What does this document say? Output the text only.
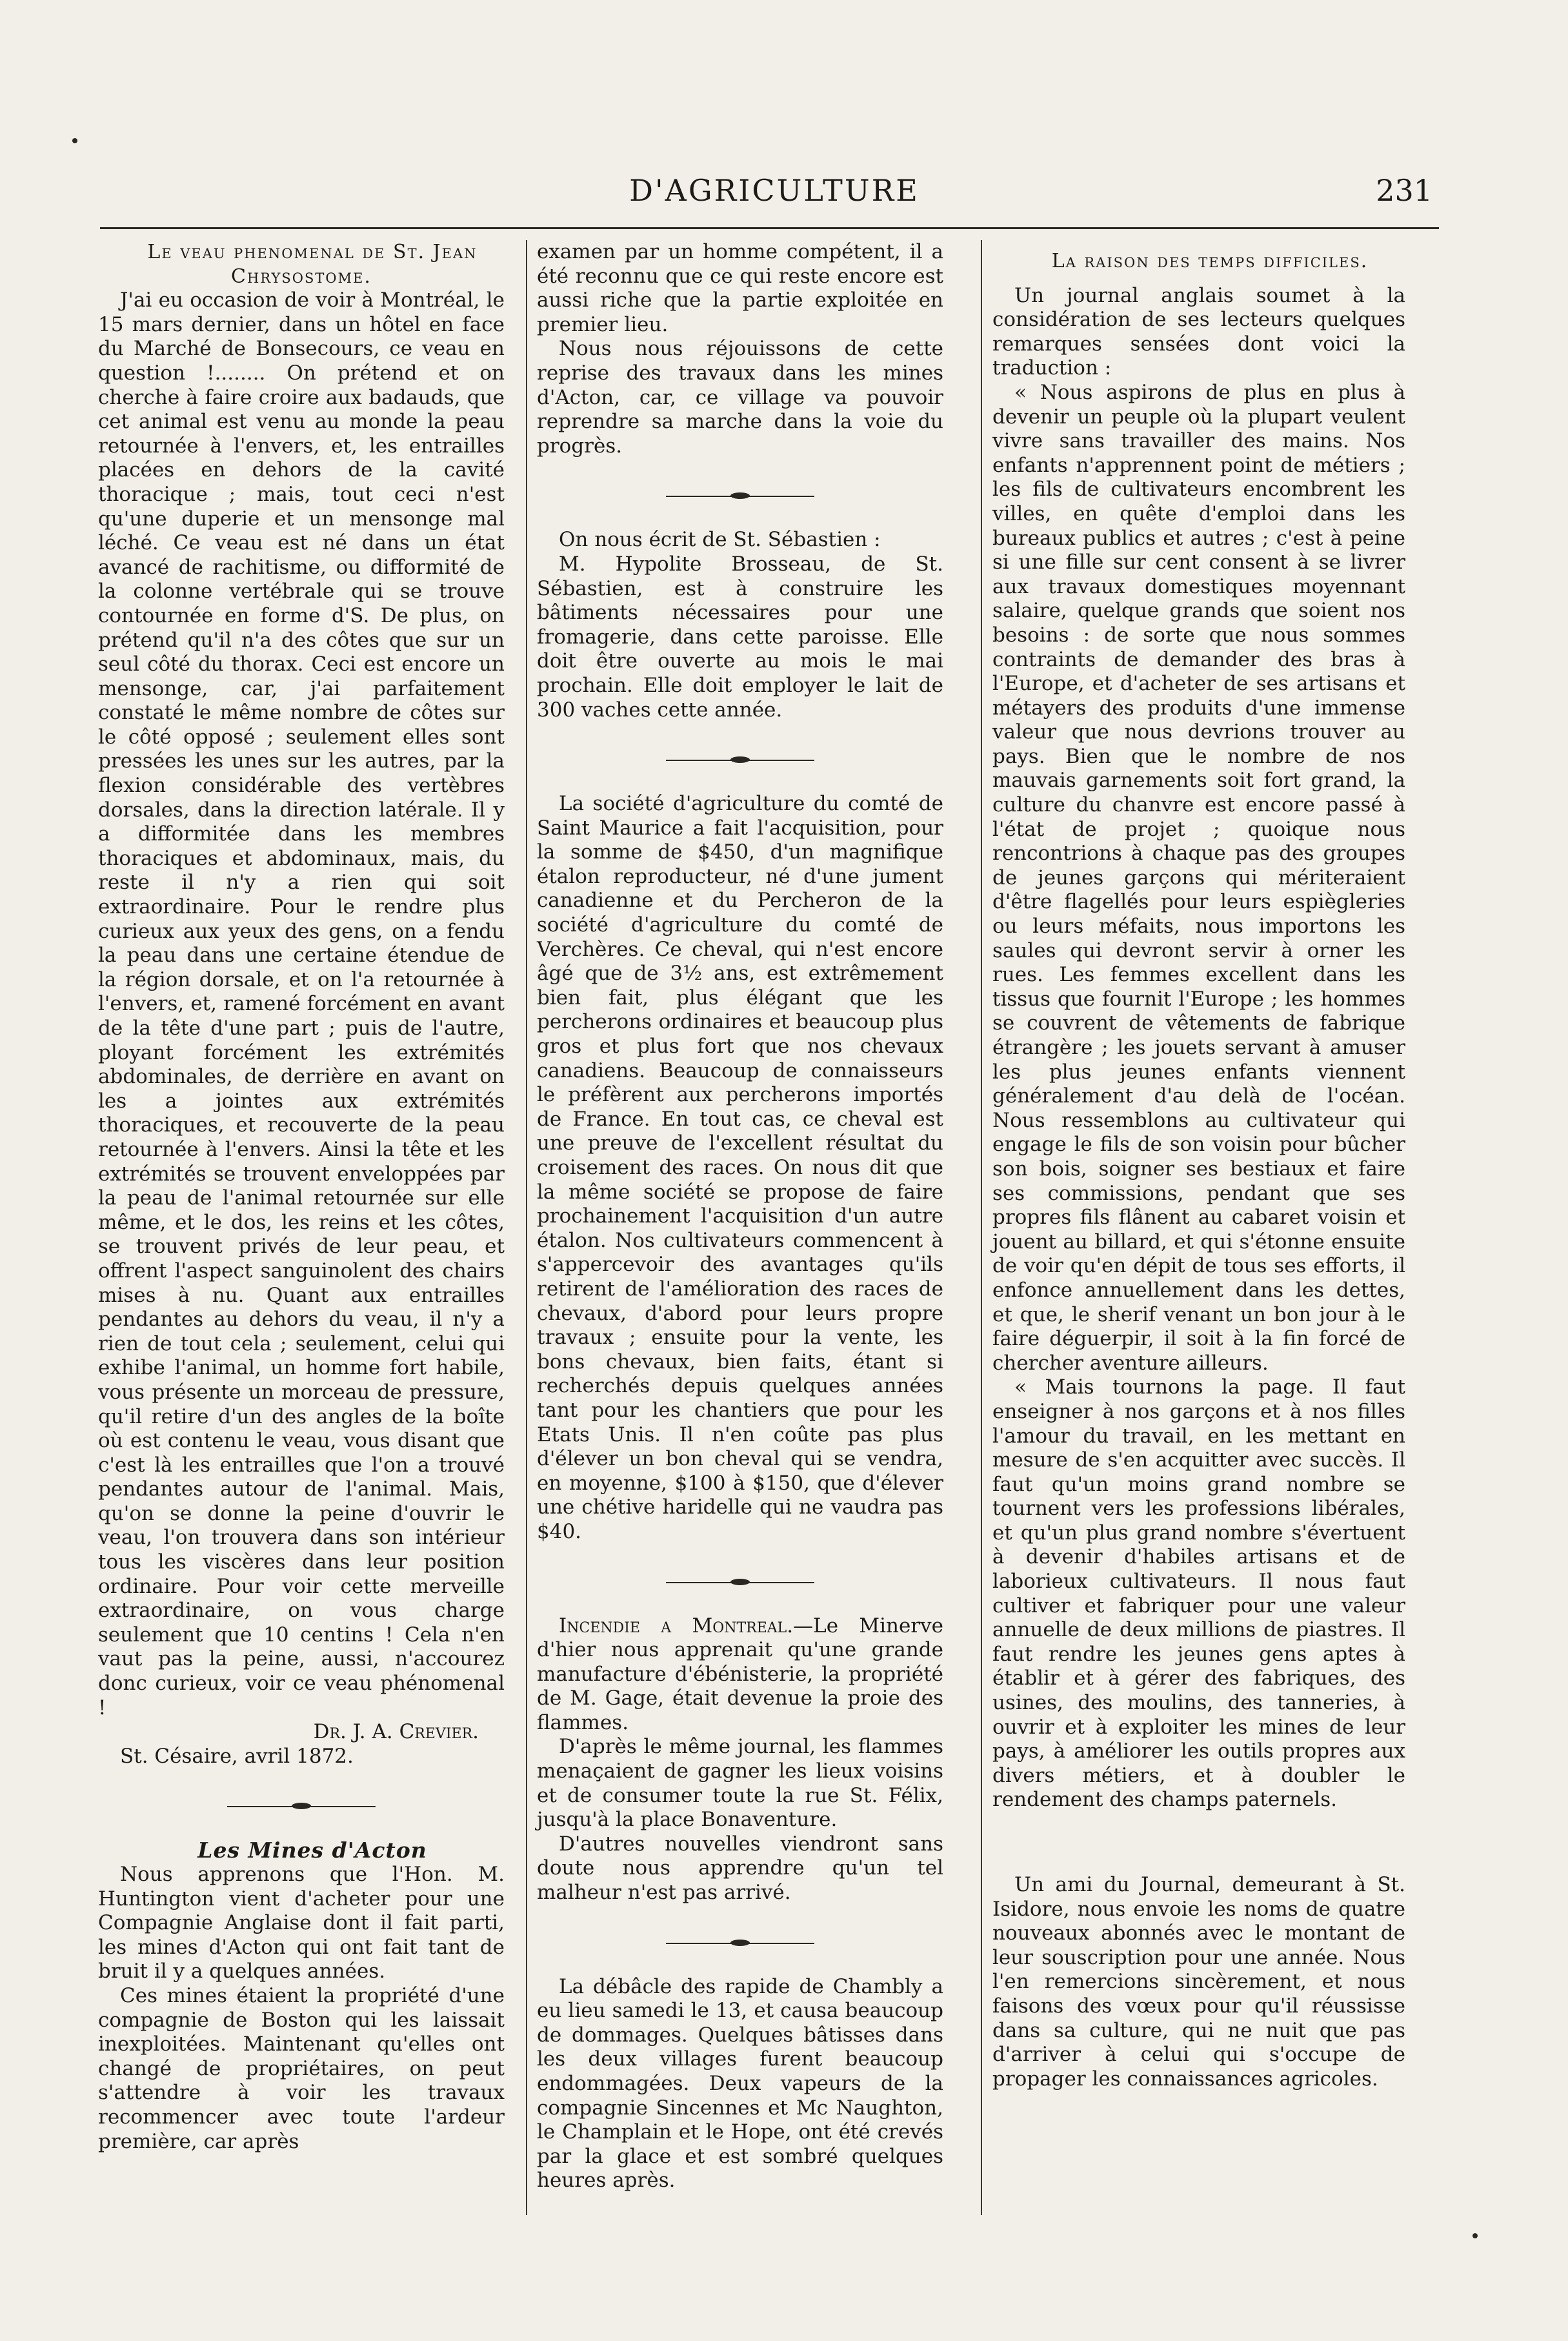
D'AGRICULTURE	231

Le veau phenomenal de St. Jean Chrysostome.

J'ai eu occasion de voir à Montréal, le 15 mars dernier, dans un hôtel en face du Marché de Bonsecours, ce veau en question !........ On prétend et on cherche à faire croire aux badauds, que cet animal est venu au monde la peau retournée à l'envers, et, les entrailles placées en dehors de la cavité thoracique ; mais, tout ceci n'est qu'une duperie et un mensonge mal léché. Ce veau est né dans un état avancé de rachitisme, ou difformité de la colonne vertébrale qui se trouve contournée en forme d'S. De plus, on prétend qu'il n'a des côtes que sur un seul côté du thorax. Ceci est encore un mensonge, car, j'ai parfaitement constaté le même nombre de côtes sur le côté opposé ; seulement elles sont pressées les unes sur les autres, par la flexion considérable des vertèbres dorsales, dans la direction latérale. Il y a difformitée dans les membres thoraciques et abdominaux, mais, du reste il n'y a rien qui soit extraordinaire. Pour le rendre plus curieux aux yeux des gens, on a fendu la peau dans une certaine étendue de la région dorsale, et on l'a retournée à l'envers, et, ramené forcément en avant de la tête d'une part ; puis de l'autre, ployant forcément les extrémités abdominales, de derrière en avant on les a jointes aux extrémités thoraciques, et recouverte de la peau retournée à l'envers. Ainsi la tête et les extrémités se trouvent enveloppées par la peau de l'animal retournée sur elle même, et le dos, les reins et les côtes, se trouvent privés de leur peau, et offrent l'aspect sanguinolent des chairs mises à nu. Quant aux entrailles pendantes au dehors du veau, il n'y a rien de tout cela ; seulement, celui qui exhibe l'animal, un homme fort habile, vous présente un morceau de pressure, qu'il retire d'un des angles de la boîte où est contenu le veau, vous disant que c'est là les entrailles que l'on a trouvé pendantes autour de l'animal. Mais, qu'on se donne la peine d'ouvrir le veau, l'on trouvera dans son intérieur tous les viscères dans leur position ordinaire. Pour voir cette merveille extraordinaire, on vous charge seulement que 10 centins ! Cela n'en vaut pas la peine, aussi, n'accourez donc curieux, voir ce veau phénomenal !

Dr. J. A. Crevier.

St. Césaire, avril 1872.

Les Mines d'Acton

Nous apprenons que l'Hon. M. Huntington vient d'acheter pour une Compagnie Anglaise dont il fait parti, les mines d'Acton qui ont fait tant de bruit il y a quelques années.

Ces mines étaient la propriété d'une compagnie de Boston qui les laissait inexploitées. Maintenant qu'elles ont changé de propriétaires, on peut s'attendre à voir les travaux recommencer avec toute l'ardeur première, car après

examen par un homme compétent, il a été reconnu que ce qui reste encore est aussi riche que la partie exploitée en premier lieu.

Nous nous réjouissons de cette reprise des travaux dans les mines d'Acton, car, ce village va pouvoir reprendre sa marche dans la voie du progrès.

On nous écrit de St. Sébastien :

M. Hypolite Brosseau, de St. Sébastien, est à construire les bâtiments nécessaires pour une fromagerie, dans cette paroisse. Elle doit être ouverte au mois le mai prochain. Elle doit employer le lait de 300 vaches cette année.

La société d'agriculture du comté de Saint Maurice a fait l'acquisition, pour la somme de $450, d'un magnifique étalon reproducteur, né d'une jument canadienne et du Percheron de la société d'agriculture du comté de Verchères. Ce cheval, qui n'est encore âgé que de 3½ ans, est extrêmement bien fait, plus élégant que les percherons ordinaires et beaucoup plus gros et plus fort que nos chevaux canadiens. Beaucoup de connaisseurs le préfèrent aux percherons importés de France. En tout cas, ce cheval est une preuve de l'excellent résultat du croisement des races. On nous dit que la même société se propose de faire prochainement l'acquisition d'un autre étalon. Nos cultivateurs commencent à s'appercevoir des avantages qu'ils retirent de l'amélioration des races de chevaux, d'abord pour leurs propre travaux ; ensuite pour la vente, les bons chevaux, bien faits, étant si recherchés depuis quelques années tant pour les chantiers que pour les Etats Unis. Il n'en coûte pas plus d'élever un bon cheval qui se vendra, en moyenne, $100 à $150, que d'élever une chétive haridelle qui ne vaudra pas $40.

Incendie a Montreal.—Le Minerve d'hier nous apprenait qu'une grande manufacture d'ébénisterie, la propriété de M. Gage, était devenue la proie des flammes.

D'après le même journal, les flammes menaçaient de gagner les lieux voisins et de consumer toute la rue St. Félix, jusqu'à la place Bonaventure.

D'autres nouvelles viendront sans doute nous apprendre qu'un tel malheur n'est pas arrivé.

La débâcle des rapide de Chambly a eu lieu samedi le 13, et causa beaucoup de dommages. Quelques bâtisses dans les deux villages furent beaucoup endommagées. Deux vapeurs de la compagnie Sincennes et Mc Naughton, le Champlain et le Hope, ont été crevés par la glace et est sombré quelques heures après.

La raison des temps difficiles.

Un journal anglais soumet à la considération de ses lecteurs quelques remarques sensées dont voici la traduction :

« Nous aspirons de plus en plus à devenir un peuple où la plupart veulent vivre sans travailler des mains. Nos enfants n'apprennent point de métiers ; les fils de cultivateurs encombrent les villes, en quête d'emploi dans les bureaux publics et autres ; c'est à peine si une fille sur cent consent à se livrer aux travaux domestiques moyennant salaire, quelque grands que soient nos besoins : de sorte que nous sommes contraints de demander des bras à l'Europe, et d'acheter de ses artisans et métayers des produits d'une immense valeur que nous devrions trouver au pays. Bien que le nombre de nos mauvais garnements soit fort grand, la culture du chanvre est encore passé à l'état de projet ; quoique nous rencontrions à chaque pas des groupes de jeunes garçons qui mériteraient d'être flagellés pour leurs espiègleries ou leurs méfaits, nous importons les saules qui devront servir à orner les rues. Les femmes excellent dans les tissus que fournit l'Europe ; les hommes se couvrent de vêtements de fabrique étrangère ; les jouets servant à amuser les plus jeunes enfants viennent généralement d'au delà de l'océan. Nous ressemblons au cultivateur qui engage le fils de son voisin pour bûcher son bois, soigner ses bestiaux et faire ses commissions, pendant que ses propres fils flânent au cabaret voisin et jouent au billard, et qui s'étonne ensuite de voir qu'en dépit de tous ses efforts, il enfonce annuellement dans les dettes, et que, le sherif venant un bon jour à le faire déguerpir, il soit à la fin forcé de chercher aventure ailleurs.

« Mais tournons la page. Il faut enseigner à nos garçons et à nos filles l'amour du travail, en les mettant en mesure de s'en acquitter avec succès. Il faut qu'un moins grand nombre se tournent vers les professions libérales, et qu'un plus grand nombre s'évertuent à devenir d'habiles artisans et de laborieux cultivateurs. Il nous faut cultiver et fabriquer pour une valeur annuelle de deux millions de piastres. Il faut rendre les jeunes gens aptes à établir et à gérer des fabriques, des usines, des moulins, des tanneries, à ouvrir et à exploiter les mines de leur pays, à améliorer les outils propres aux divers métiers, et à doubler le rendement des champs paternels.

Un ami du Journal, demeurant à St. Isidore, nous envoie les noms de quatre nouveaux abonnés avec le montant de leur souscription pour une année. Nous l'en remercions sincèrement, et nous faisons des vœux pour qu'il réussisse dans sa culture, qui ne nuit que pas d'arriver à celui qui s'occupe de propager les connaissances agricoles.
